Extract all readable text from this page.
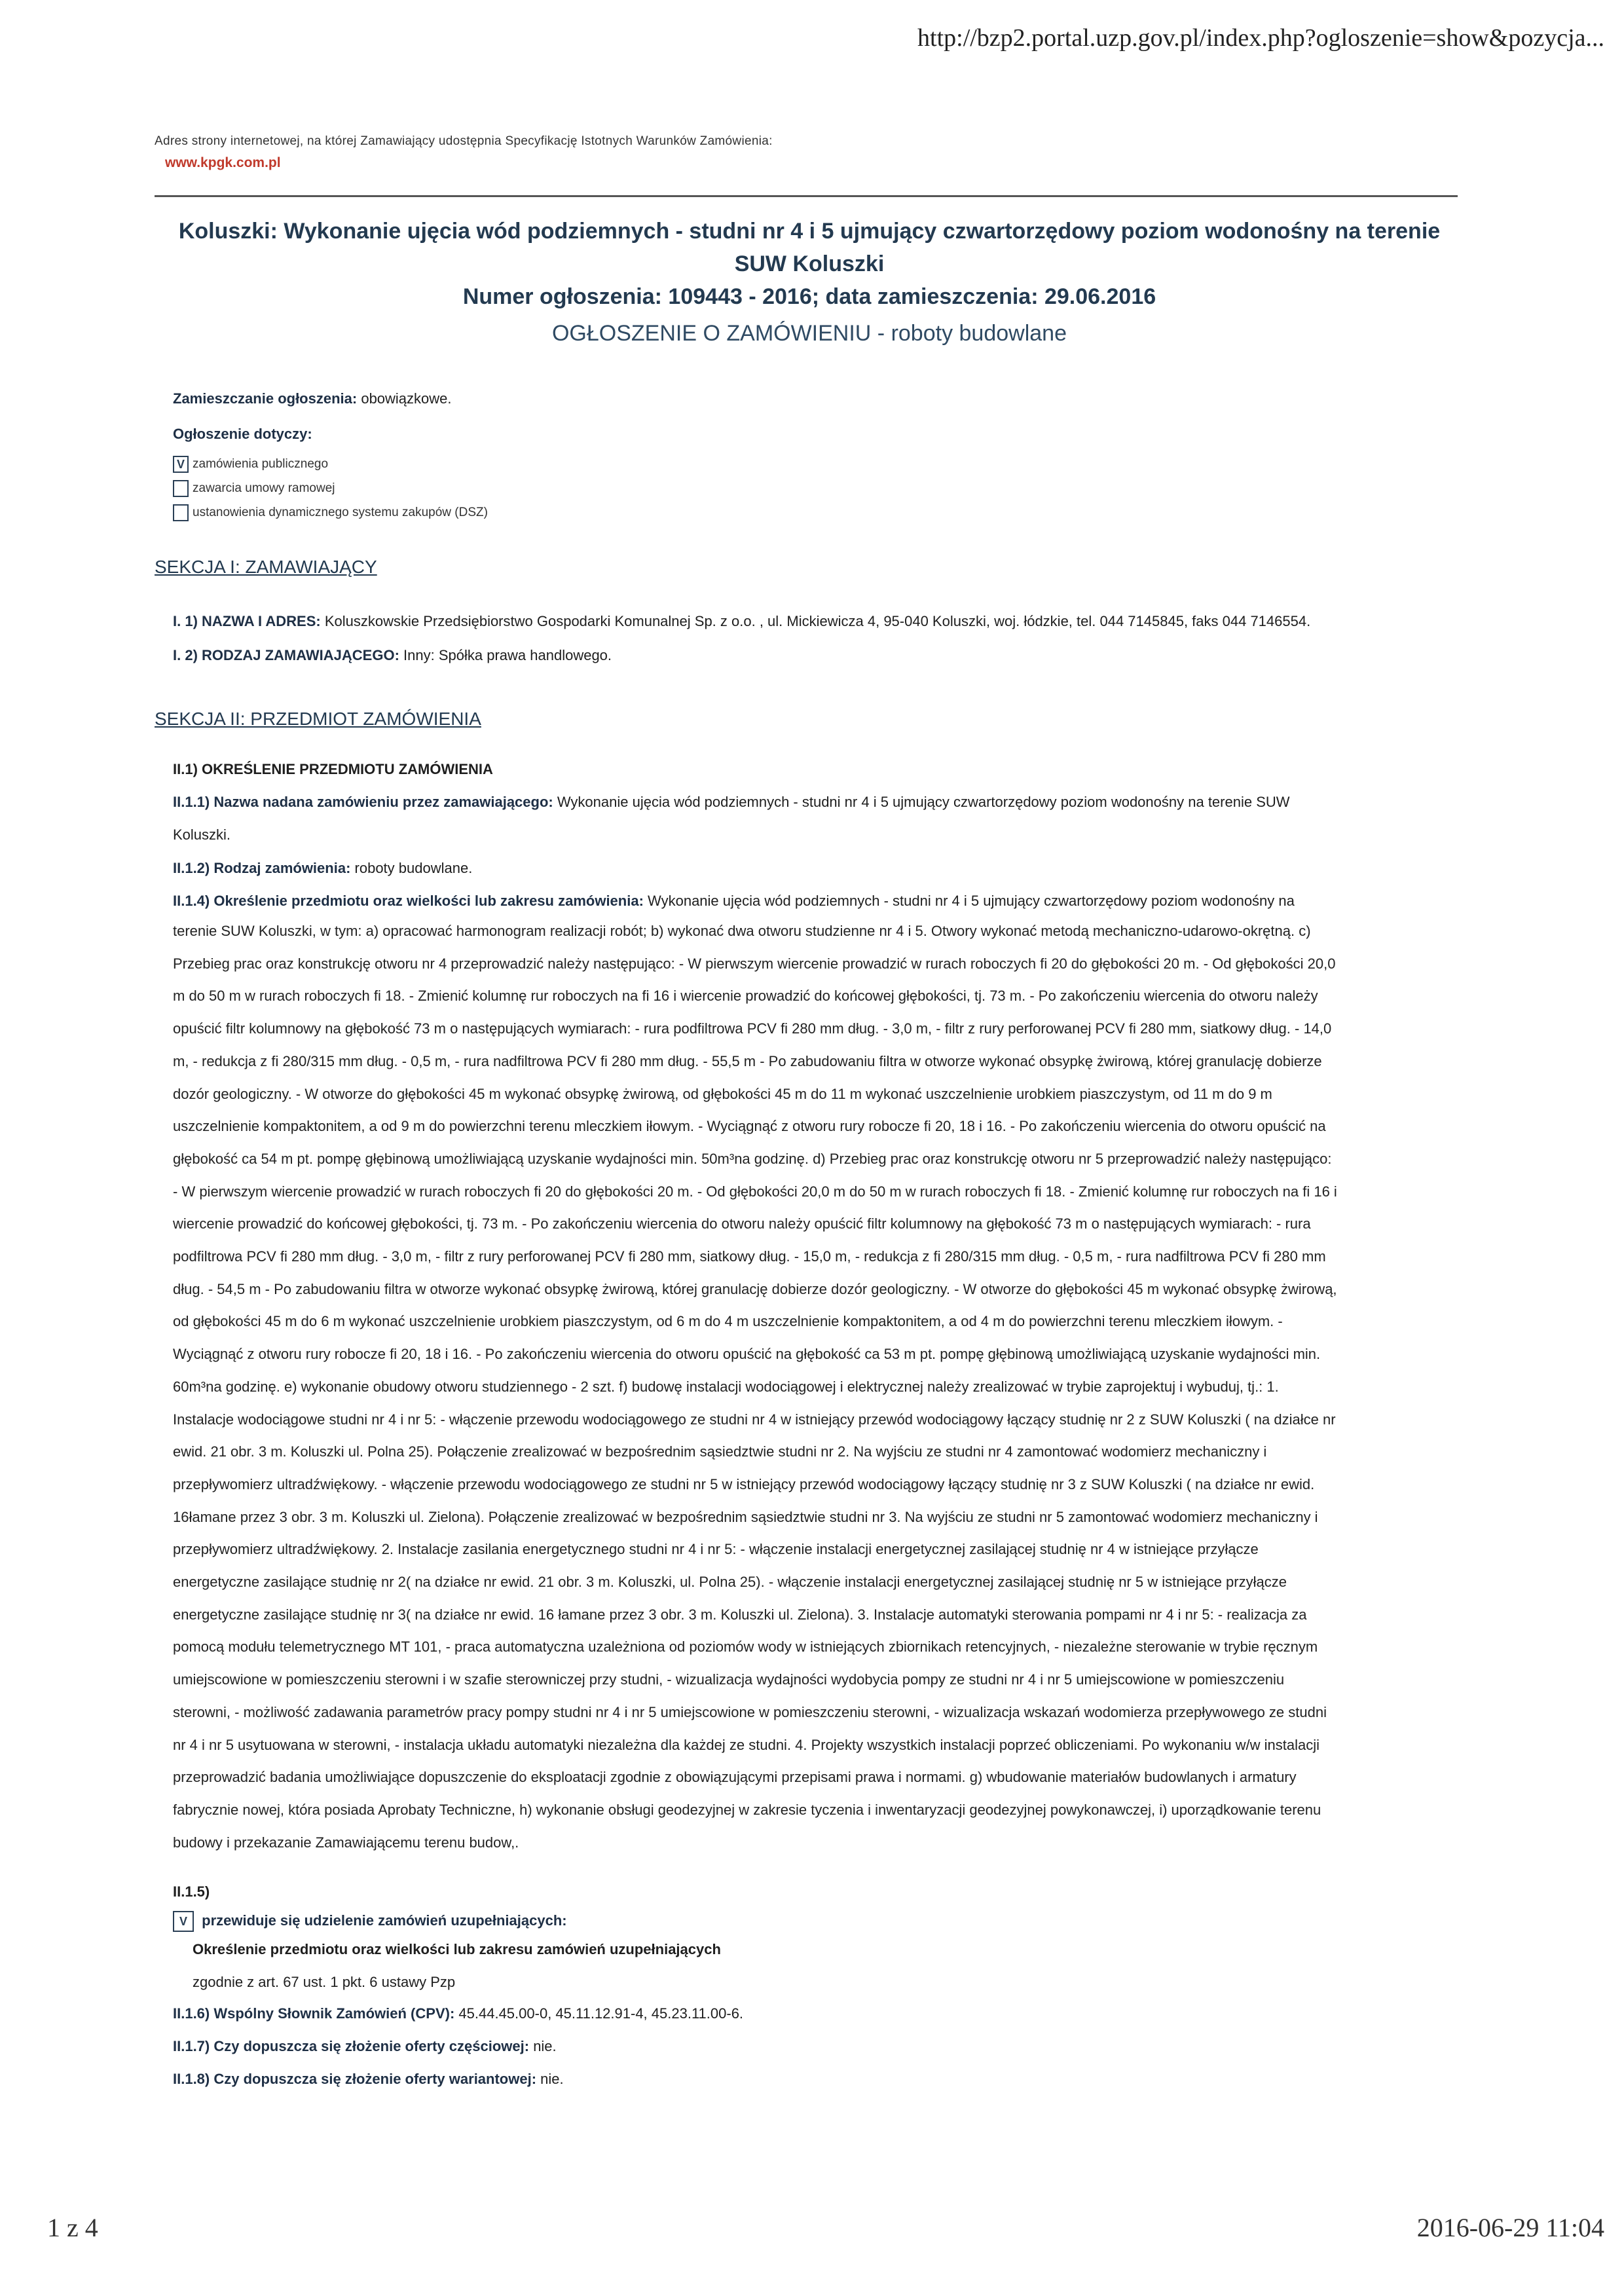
http://bzp2.portal.uzp.gov.pl/index.php?ogloszenie=show&pozycja...
Adres strony internetowej, na której Zamawiający udostępnia Specyfikację Istotnych Warunków Zamówienia:
www.kpgk.com.pl
Koluszki: Wykonanie ujęcia wód podziemnych - studni nr 4 i 5 ujmujący czwartorzędowy poziom wodonośny na terenie
SUW Koluszki
Numer ogłoszenia: 109443 - 2016; data zamieszczenia: 29.06.2016
OGŁOSZENIE O ZAMÓWIENIU - roboty budowlane
Zamieszczanie ogłoszenia: obowiązkowe.
Ogłoszenie dotyczy:
V zamówienia publicznego
zawarcia umowy ramowej
ustanowienia dynamicznego systemu zakupów (DSZ)
SEKCJA I: ZAMAWIAJĄCY
I. 1) NAZWA I ADRES: Koluszkowskie Przedsiębiorstwo Gospodarki Komunalnej Sp. z o.o. , ul. Mickiewicza 4, 95-040 Koluszki, woj. łódzkie, tel. 044 7145845, faks 044 7146554.
I. 2) RODZAJ ZAMAWIAJĄCEGO: Inny: Spółka prawa handlowego.
SEKCJA II: PRZEDMIOT ZAMÓWIENIA
II.1) OKREŚLENIE PRZEDMIOTU ZAMÓWIENIA
II.1.1) Nazwa nadana zamówieniu przez zamawiającego: Wykonanie ujęcia wód podziemnych - studni nr 4 i 5 ujmujący czwartorzędowy poziom wodonośny na terenie SUW
Koluszki.
II.1.2) Rodzaj zamówienia: roboty budowlane.
II.1.4) Określenie przedmiotu oraz wielkości lub zakresu zamówienia: Wykonanie ujęcia wód podziemnych - studni nr 4 i 5 ujmujący czwartorzędowy poziom wodonośny na
terenie SUW Koluszki, w tym: a) opracować harmonogram realizacji robót; b) wykonać dwa otworu studzienne nr 4 i 5. Otwory wykonać metodą mechaniczno-udarowo-okrętną. c)
Przebieg prac oraz konstrukcję otworu nr 4 przeprowadzić należy następująco: - W pierwszym wiercenie prowadzić w rurach roboczych fi 20 do głębokości 20 m. - Od głębokości 20,0
m do 50 m w rurach roboczych fi 18. - Zmienić kolumnę rur roboczych na fi 16 i wiercenie prowadzić do końcowej głębokości, tj. 73 m. - Po zakończeniu wiercenia do otworu należy
opuścić filtr kolumnowy na głębokość 73 m o następujących wymiarach: - rura podfiltrowa PCV fi 280 mm dług. - 3,0 m, - filtr z rury perforowanej PCV fi 280 mm, siatkowy dług. - 14,0
m, - redukcja z fi 280/315 mm dług. - 0,5 m, - rura nadfiltrowa PCV fi 280 mm dług. - 55,5 m - Po zabudowaniu filtra w otworze wykonać obsypkę żwirową, której granulację dobierze
dozór geologiczny. - W otworze do głębokości 45 m wykonać obsypkę żwirową, od głębokości 45 m do 11 m wykonać uszczelnienie urobkiem piaszczystym, od 11 m do 9 m
uszczelnienie kompaktonitem, a od 9 m do powierzchni terenu mleczkiem iłowym. - Wyciągnąć z otworu rury robocze fi 20, 18 i 16. - Po zakończeniu wiercenia do otworu opuścić na
głębokość ca 54 m pt. pompę głębinową umożliwiającą uzyskanie wydajności min. 50m³na godzinę. d) Przebieg prac oraz konstrukcję otworu nr 5 przeprowadzić należy następująco:
- W pierwszym wiercenie prowadzić w rurach roboczych fi 20 do głębokości 20 m. - Od głębokości 20,0 m do 50 m w rurach roboczych fi 18. - Zmienić kolumnę rur roboczych na fi 16 i
wiercenie prowadzić do końcowej głębokości, tj. 73 m. - Po zakończeniu wiercenia do otworu należy opuścić filtr kolumnowy na głębokość 73 m o następujących wymiarach: - rura
podfiltrowa PCV fi 280 mm dług. - 3,0 m, - filtr z rury perforowanej PCV fi 280 mm, siatkowy dług. - 15,0 m, - redukcja z fi 280/315 mm dług. - 0,5 m, - rura nadfiltrowa PCV fi 280 mm
dług. - 54,5 m - Po zabudowaniu filtra w otworze wykonać obsypkę żwirową, której granulację dobierze dozór geologiczny. - W otworze do głębokości 45 m wykonać obsypkę żwirową,
od głębokości 45 m do 6 m wykonać uszczelnienie urobkiem piaszczystym, od 6 m do 4 m uszczelnienie kompaktonitem, a od 4 m do powierzchni terenu mleczkiem iłowym. -
Wyciągnąć z otworu rury robocze fi 20, 18 i 16. - Po zakończeniu wiercenia do otworu opuścić na głębokość ca 53 m pt. pompę głębinową umożliwiającą uzyskanie wydajności min.
60m³na godzinę. e) wykonanie obudowy otworu studziennego - 2 szt. f) budowę instalacji wodociągowej i elektrycznej należy zrealizować w trybie zaprojektuj i wybuduj, tj.: 1.
Instalacje wodociągowe studni nr 4 i nr 5: - włączenie przewodu wodociągowego ze studni nr 4 w istniejący przewód wodociągowy łączący studnię nr 2 z SUW Koluszki ( na działce nr
ewid. 21 obr. 3 m. Koluszki ul. Polna 25). Połączenie zrealizować w bezpośrednim sąsiedztwie studni nr 2. Na wyjściu ze studni nr 4 zamontować wodomierz mechaniczny i
przepływomierz ultradźwiękowy. - włączenie przewodu wodociągowego ze studni nr 5 w istniejący przewód wodociągowy łączący studnię nr 3 z SUW Koluszki ( na działce nr ewid.
16łamane przez 3 obr. 3 m. Koluszki ul. Zielona). Połączenie zrealizować w bezpośrednim sąsiedztwie studni nr 3. Na wyjściu ze studni nr 5 zamontować wodomierz mechaniczny i
przepływomierz ultradźwiękowy. 2. Instalacje zasilania energetycznego studni nr 4 i nr 5: - włączenie instalacji energetycznej zasilającej studnię nr 4 w istniejące przyłącze
energetyczne zasilające studnię nr 2( na działce nr ewid. 21 obr. 3 m. Koluszki, ul. Polna 25). - włączenie instalacji energetycznej zasilającej studnię nr 5 w istniejące przyłącze
energetyczne zasilające studnię nr 3( na działce nr ewid. 16 łamane przez 3 obr. 3 m. Koluszki ul. Zielona). 3. Instalacje automatyki sterowania pompami nr 4 i nr 5: - realizacja za
pomocą modułu telemetrycznego MT 101, - praca automatyczna uzależniona od poziomów wody w istniejących zbiornikach retencyjnych, - niezależne sterowanie w trybie ręcznym
umiejscowione w pomieszczeniu sterowni i w szafie sterowniczej przy studni, - wizualizacja wydajności wydobycia pompy ze studni nr 4 i nr 5 umiejscowione w pomieszczeniu
sterowni, - możliwość zadawania parametrów pracy pompy studni nr 4 i nr 5 umiejscowione w pomieszczeniu sterowni, - wizualizacja wskazań wodomierza przepływowego ze studni
nr 4 i nr 5 usytuowana w sterowni, - instalacja układu automatyki niezależna dla każdej ze studni. 4. Projekty wszystkich instalacji poprzeć obliczeniami. Po wykonaniu w/w instalacji
przeprowadzić badania umożliwiające dopuszczenie do eksploatacji zgodnie z obowiązującymi przepisami prawa i normami. g) wbudowanie materiałów budowlanych i armatury
fabrycznie nowej, która posiada Aprobaty Techniczne, h) wykonanie obsługi geodezyjnej w zakresie tyczenia i inwentaryzacji geodezyjnej powykonawczej, i) uporządkowanie terenu
budowy i przekazanie Zamawiającemu terenu budow,.
II.1.5)
V przewiduje się udzielenie zamówień uzupełniających:
Określenie przedmiotu oraz wielkości lub zakresu zamówień uzupełniających
zgodnie z art. 67 ust. 1 pkt. 6 ustawy Pzp
II.1.6) Wspólny Słownik Zamówień (CPV): 45.44.45.00-0, 45.11.12.91-4, 45.23.11.00-6.
II.1.7) Czy dopuszcza się złożenie oferty częściowej: nie.
II.1.8) Czy dopuszcza się złożenie oferty wariantowej: nie.
1 z 4	2016-06-29 11:04
